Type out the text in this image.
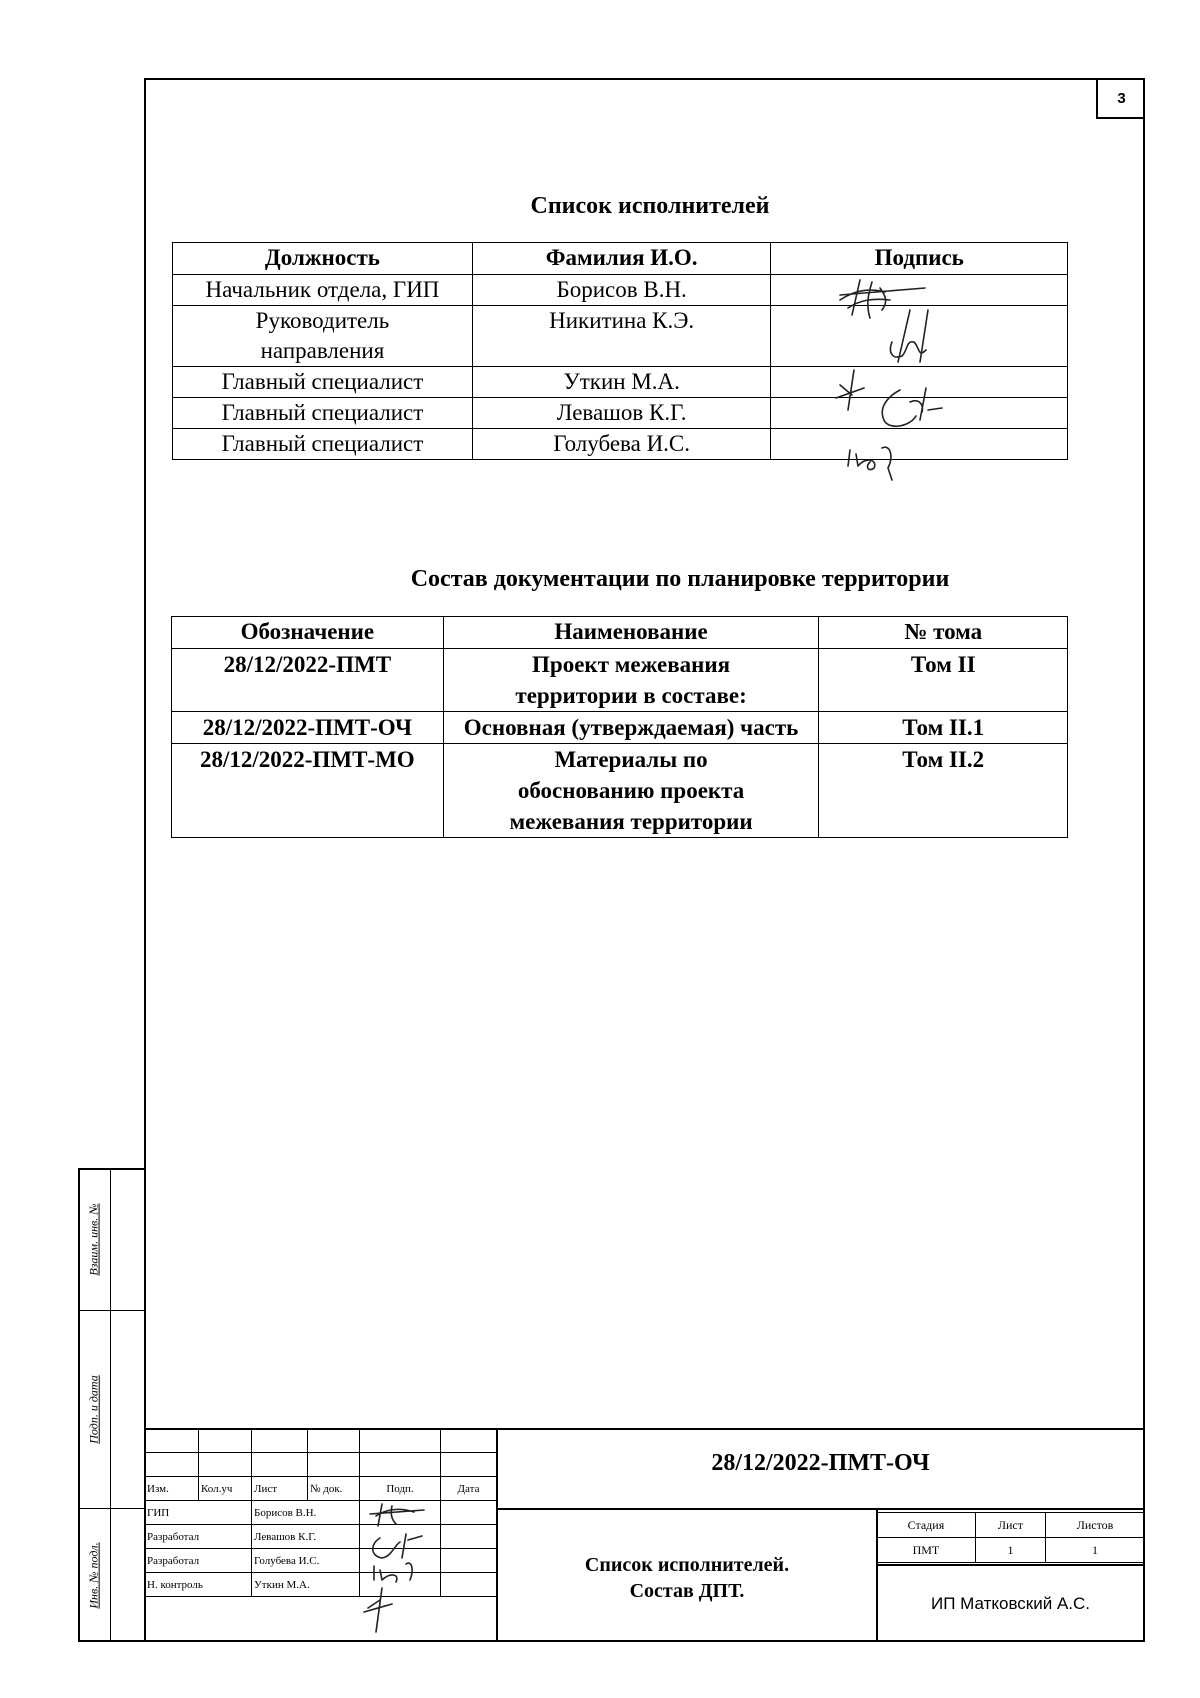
3
Взаим. инв. №
Подп. и дата
Инв. № подл.
Список исполнителей
Должность	Фамилия И.О.	Подпись
Начальник отдела, ГИП	Борисов В.Н.	
Руководитель направления	Никитина К.Э.	
Главный специалист	Уткин М.А.	
Главный специалист	Левашов К.Г.	
Главный специалист	Голубева И.С.	
Состав документации по планировке территории
Обозначение	Наименование	№ тома
28/12/2022-ПМТ	Проект межевания территории в составе:	Том II
28/12/2022-ПМТ-ОЧ	Основная (утверждаемая) часть	Том II.1
28/12/2022-ПМТ-МО	Материалы по обоснованию проекта межевания территории	Том II.2

Изм.	Кол.уч	Лист	№ док.	Подп.	Дата
ГИП		Борисов В.Н.			
Разработал		Левашов К.Г.			
Разработал		Голубева И.С.			
Н. контроль		Уткин М.А.			
28/12/2022-ПМТ-ОЧ
Список исполнителей.
Состав ДПТ.
Стадия	Лист	Листов
ПМТ	1	1
ИП Матковский А.С.
